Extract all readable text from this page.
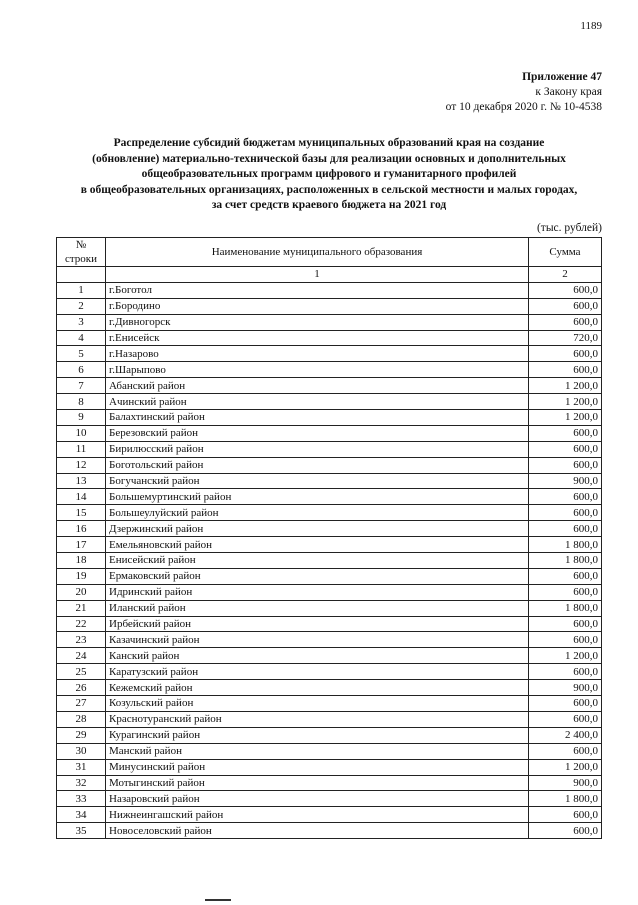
1189
Приложение 47
к Закону края
от 10 декабря 2020 г. № 10-4538
Распределение субсидий бюджетам муниципальных образований края на создание
(обновление) материально-технической базы для реализации основных и дополнительных
общеобразовательных программ цифрового и гуманитарного профилей
в общеобразовательных организациях, расположенных в сельской местности и малых городах,
за счет средств краевого бюджета на 2021 год
(тыс. рублей)
№
строки	Наименование муниципального образования	Сумма
	1	2
1	г.Боготол	600,0
2	г.Бородино	600,0
3	г.Дивногорск	600,0
4	г.Енисейск	720,0
5	г.Назарово	600,0
6	г.Шарыпово	600,0
7	Абанский район	1 200,0
8	Ачинский район	1 200,0
9	Балахтинский район	1 200,0
10	Березовский район	600,0
11	Бирилюсский район	600,0
12	Боготольский район	600,0
13	Богучанский район	900,0
14	Большемуртинский район	600,0
15	Большеулуйский район	600,0
16	Дзержинский район	600,0
17	Емельяновский район	1 800,0
18	Енисейский район	1 800,0
19	Ермаковский район	600,0
20	Идринский район	600,0
21	Иланский район	1 800,0
22	Ирбейский район	600,0
23	Казачинский район	600,0
24	Канский район	1 200,0
25	Каратузский район	600,0
26	Кежемский район	900,0
27	Козульский район	600,0
28	Краснотуранский район	600,0
29	Курагинский район	2 400,0
30	Манский район	600,0
31	Минусинский район	1 200,0
32	Мотыгинский район	900,0
33	Назаровский район	1 800,0
34	Нижнеингашский район	600,0
35	Новоселовский район	600,0
